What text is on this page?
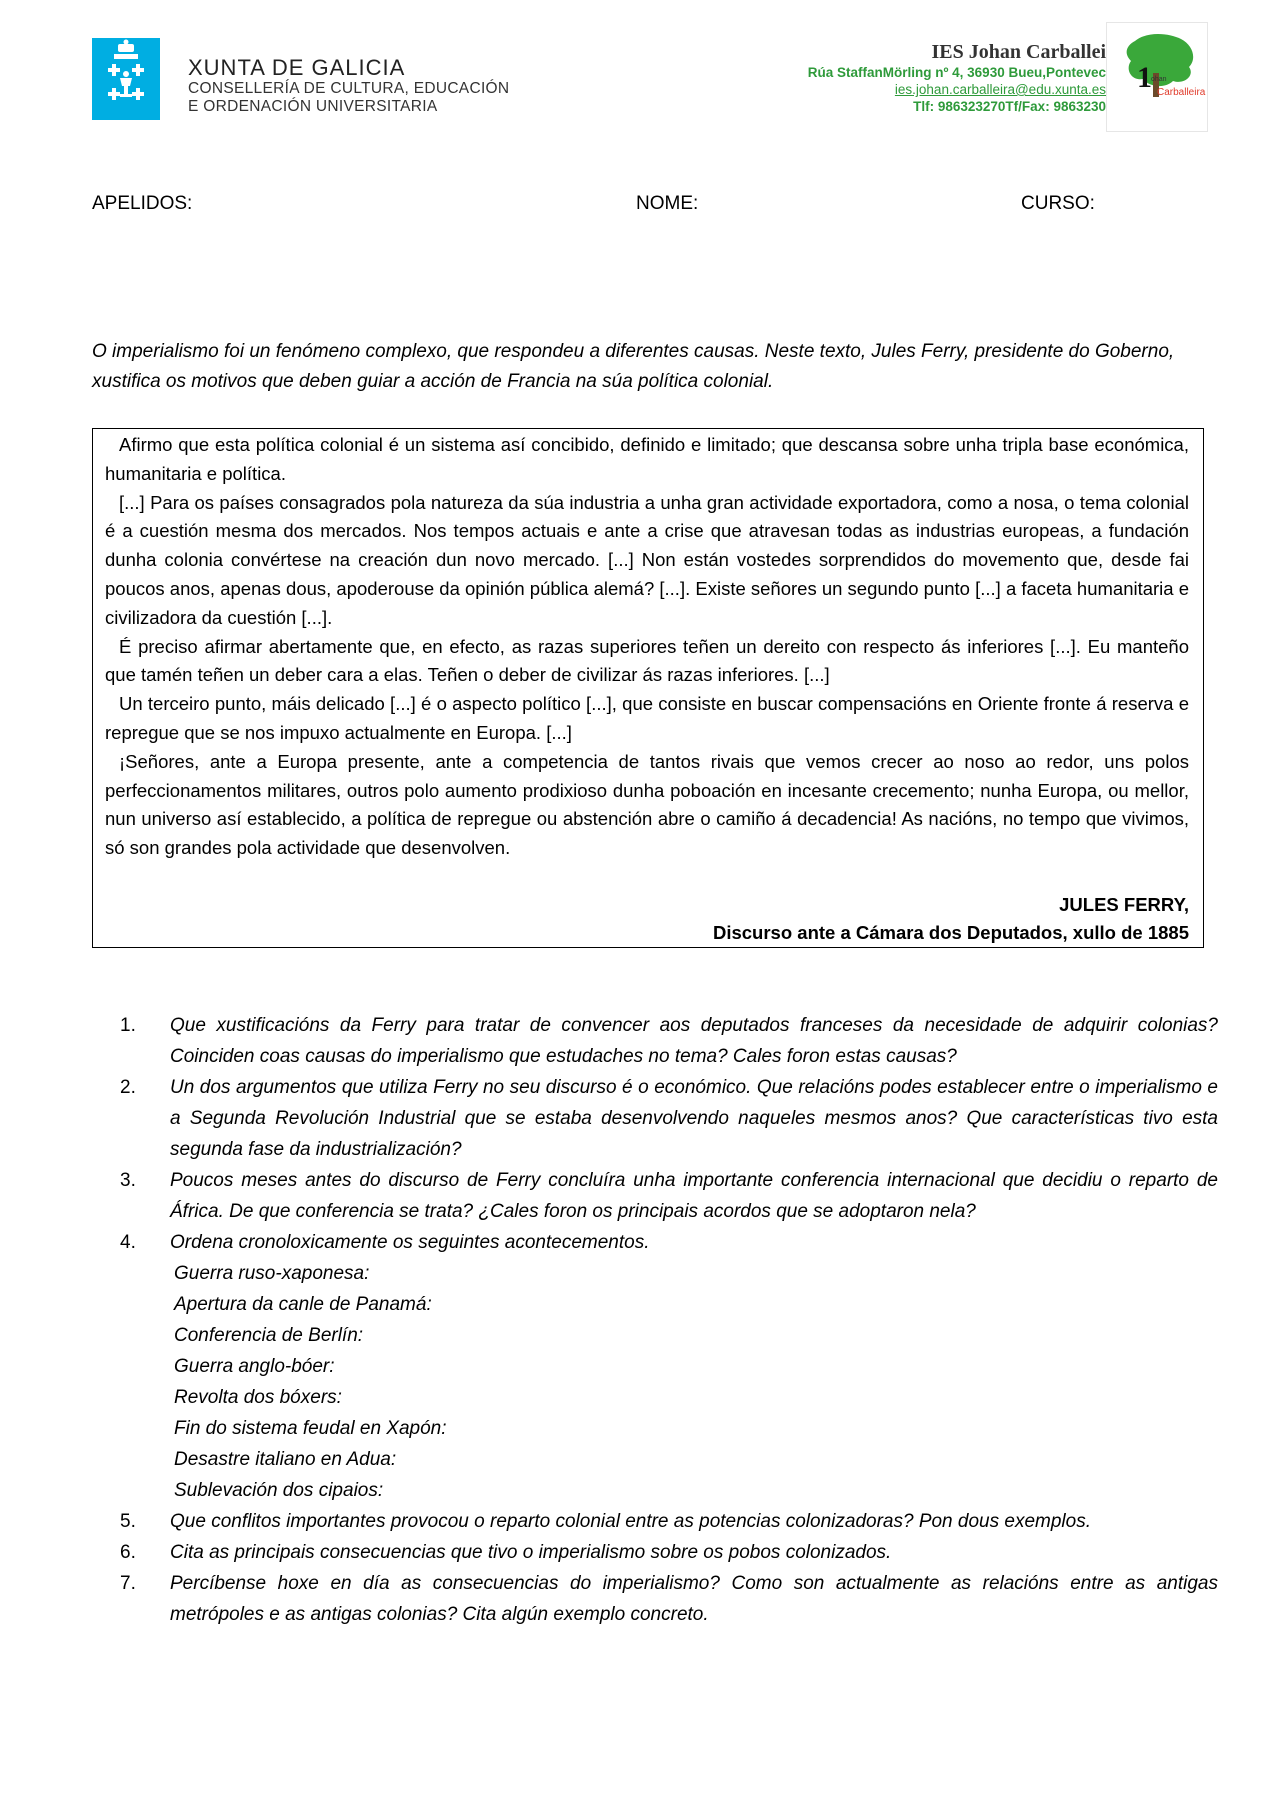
XUNTA DE GALICIA
CONSELLERÍA DE CULTURA, EDUCACIÓN
E ORDENACIÓN UNIVERSITARIA
IES Johan Carballei
Rúa StaffanMörling nº 4, 36930 Bueu,Pontevec
ies.johan.carballeira@edu.xunta.es
Tlf: 986323270Tf/Fax: 9863230
1 Carballeira
ohan
APELIDOS:	NOME:	CURSO:
O imperialismo foi un fenómeno complexo, que respondeu a diferentes causas. Neste texto, Jules Ferry, presidente do Goberno, xustifica os motivos que deben guiar a acción de Francia na súa política colonial.

Afirmo que esta política colonial é un sistema así concibido, definido e limitado; que descansa sobre unha tripla base económica, humanitaria e política.

[...] Para os países consagrados pola natureza da súa industria a unha gran actividade exportadora, como a nosa, o tema colonial é a cuestión mesma dos mercados. Nos tempos actuais e ante a crise que atravesan todas as industrias europeas, a fundación dunha colonia convértese na creación dun novo mercado. [...] Non están vostedes sorprendidos do movemento que, desde fai poucos anos, apenas dous, apoderouse da opinión pública alemá? [...]. Existe señores un segundo punto [...] a faceta humanitaria e civilizadora da cuestión [...].

É preciso afirmar abertamente que, en efecto, as razas superiores teñen un dereito con respecto ás inferiores [...]. Eu manteño que tamén teñen un deber cara a elas. Teñen o deber de civilizar ás razas inferiores. [...]

Un terceiro punto, máis delicado [...] é o aspecto político [...], que consiste en buscar compensacións en Oriente fronte á reserva e repregue que se nos impuxo actualmente en Europa. [...]

¡Señores, ante a Europa presente, ante a competencia de tantos rivais que vemos crecer ao noso ao redor, uns polos perfeccionamentos militares, outros polo aumento prodixioso dunha poboación en incesante crecemento; nunha Europa, ou mellor, nun universo así establecido, a política de repregue ou abstención abre o camiño á decadencia! As nacións, no tempo que vivimos, só son grandes pola actividade que desenvolven.

JULES FERRY,
Discurso ante a Cámara dos Deputados, xullo de 1885
1.	Que xustificacións da Ferry para tratar de convencer aos deputados franceses da necesidade de adquirir colonias? Coinciden coas causas do imperialismo que estudaches no tema? Cales foron estas causas?
2.	Un dos argumentos que utiliza Ferry no seu discurso é o económico. Que relacións podes establecer entre o imperialismo e a Segunda Revolución Industrial que se estaba desenvolvendo naqueles mesmos anos? Que características tivo esta segunda fase da industrialización?
3.	Poucos meses antes do discurso de Ferry concluíra unha importante conferencia internacional que decidiu o reparto de África. De que conferencia se trata? ¿Cales foron os principais acordos que se adoptaron nela?
4.	Ordena cronoloxicamente os seguintes acontecementos.
Guerra ruso-xaponesa:
Apertura da canle de Panamá:
Conferencia de Berlín:
Guerra anglo-bóer:
Revolta dos bóxers:
Fin do sistema feudal en Xapón:
Desastre italiano en Adua:
Sublevación dos cipaios:
5.	Que conflitos importantes provocou o reparto colonial entre as potencias colonizadoras? Pon dous exemplos.
6.	Cita as principais consecuencias que tivo o imperialismo sobre os pobos colonizados.
7.	Percíbense hoxe en día as consecuencias do imperialismo? Como son actualmente as relacións entre as antigas metrópoles e as antigas colonias? Cita algún exemplo concreto.
